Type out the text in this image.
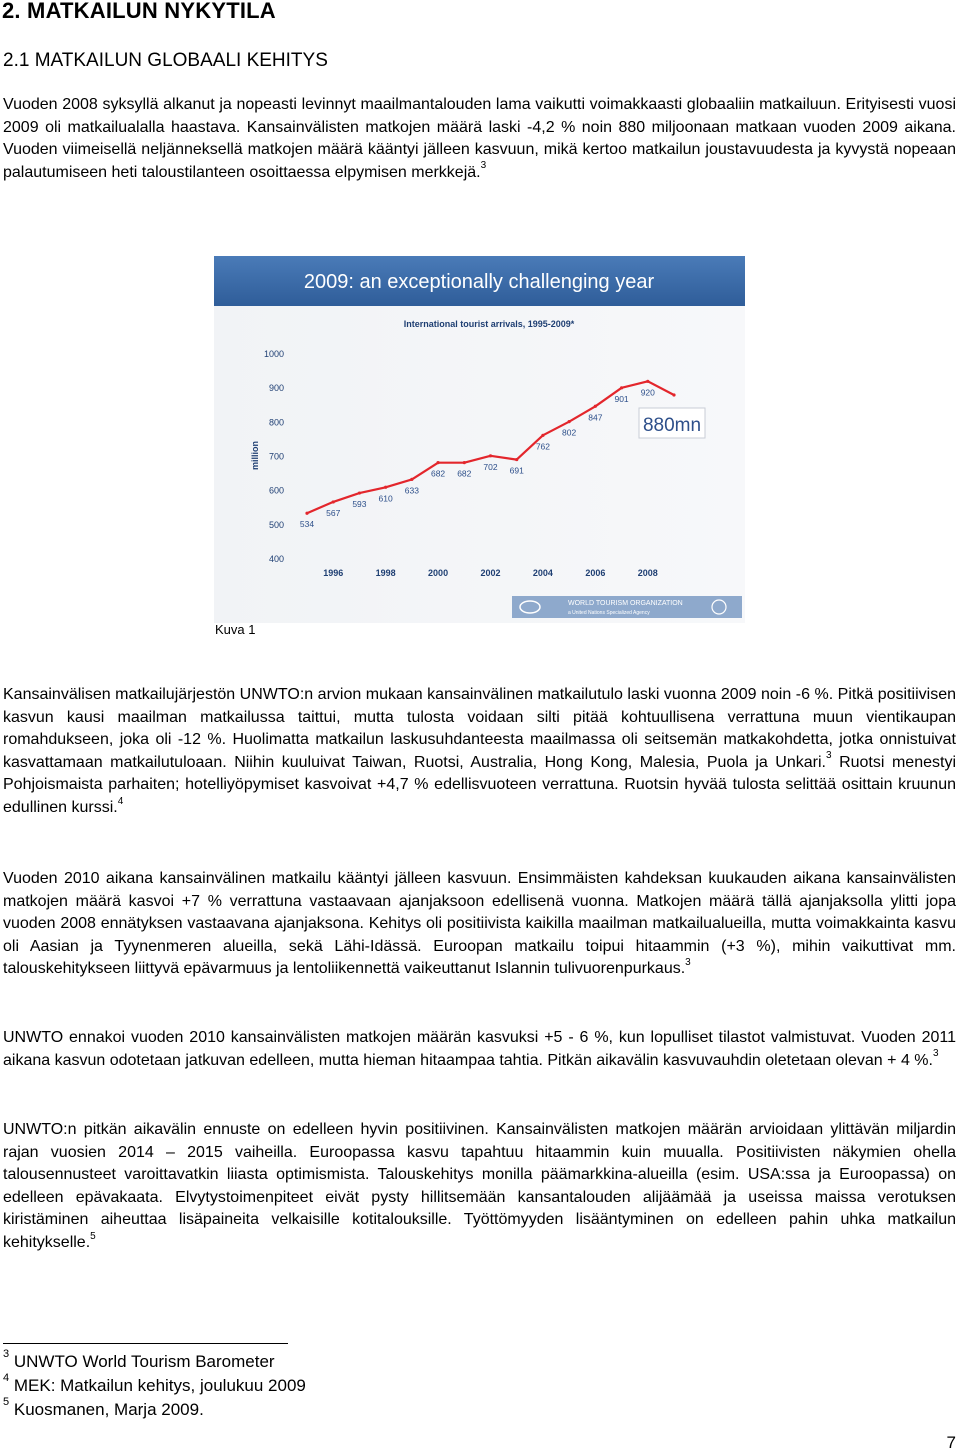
2. MATKAILUN NYKYTILA
2.1 MATKAILUN GLOBAALI KEHITYS
Vuoden 2008 syksyllä alkanut ja nopeasti levinnyt maailmantalouden lama vaikutti voimakkaasti globaaliin matkailuun. Erityisesti vuosi 2009 oli matkailualalla haastava. Kansainvälisten matkojen määrä laski -4,2 % noin 880 miljoonaan matkaan vuoden 2009 aikana. Vuoden viimeisellä neljänneksellä matkojen määrä kääntyi jälleen kasvuun, mikä kertoo matkailun joustavuudesta ja kyvystä nopeaan palautumiseen heti taloustilanteen osoittaessa elpymisen merkkejä.$^3$
2009: an exceptionally challenging year
International tourist arrivals, 1995-2009*
million
400
500
600
700
800
900
1000
1996	1998	2000	2002	2004	2006	2008
534
567
593
610
633
682 682
702 691
762
802
847
901
920
880mn
WORLD TOURISM ORGANIZATION
a United Nations Specialized Agency
Kuva 1
Kansainvälisen matkailujärjestön UNWTO:n arvion mukaan kansainvälinen matkailutulo laski vuonna 2009 noin -6 %. Pitkä positiivisen kasvun kausi maailman matkailussa taittui, mutta tulosta voidaan silti pitää kohtuullisena verrattuna muun vientikaupan romahdukseen, joka oli -12 %. Huolimatta matkailun laskusuhdanteesta maailmassa oli seitsemän matkakohdetta, jotka onnistuivat kasvattamaan matkailutuloaan. Niihin kuuluivat Taiwan, Ruotsi, Australia, Hong Kong, Malesia, Puola ja Unkari.$^3$ Ruotsi menestyi Pohjoismaista parhaiten; hotelliyöpymiset kasvoivat +4,7 % edellisvuoteen verrattuna. Ruotsin hyvää tulosta selittää osittain kruunun edullinen kurssi.$^4$
Vuoden 2010 aikana kansainvälinen matkailu kääntyi jälleen kasvuun. Ensimmäisten kahdeksan kuukauden aikana kansainvälisten matkojen määrä kasvoi +7 % verrattuna vastaavaan ajanjaksoon edellisenä vuonna. Matkojen määrä tällä ajanjaksolla ylitti jopa vuoden 2008 ennätyksen vastaavana ajanjaksona. Kehitys oli positiivista kaikilla maailman matkailualueilla, mutta voimakkainta kasvu oli Aasian ja Tyynenmeren alueilla, sekä Lähi-Idässä. Euroopan matkailu toipui hitaammin (+3 %), mihin vaikuttivat mm. talouskehitykseen liittyvä epävarmuus ja lentoliikennettä vaikeuttanut Islannin tulivuorenpurkaus.$^3$
UNWTO ennakoi vuoden 2010 kansainvälisten matkojen määrän kasvuksi +5 - 6 %, kun lopulliset tilastot valmistuvat. Vuoden 2011 aikana kasvun odotetaan jatkuvan edelleen, mutta hieman hitaampaa tahtia. Pitkän aikavälin kasvuvauhdin oletetaan olevan + 4 %.$^3$
UNWTO:n pitkän aikavälin ennuste on edelleen hyvin positiivinen. Kansainvälisten matkojen määrän arvioidaan ylittävän miljardin rajan vuosien 2014 – 2015 vaiheilla. Euroopassa kasvu tapahtuu hitaammin kuin muualla. Positiivisten näkymien ohella talousennusteet varoittavatkin liiasta optimismista. Talouskehitys monilla päämarkkina-alueilla (esim. USA:ssa ja Euroopassa) on edelleen epävakaata. Elvytystoimenpiteet eivät pysty hillitsemään kansantalouden alijäämää ja useissa maissa verotuksen kiristäminen aiheuttaa lisäpaineita velkaisille kotitalouksille. Työttömyyden lisääntyminen on edelleen pahin uhka matkailun kehitykselle.$^5$
$^3$ UNWTO World Tourism Barometer
$^4$ MEK: Matkailun kehitys, joulukuu 2009
$^5$ Kuosmanen, Marja 2009.
7
